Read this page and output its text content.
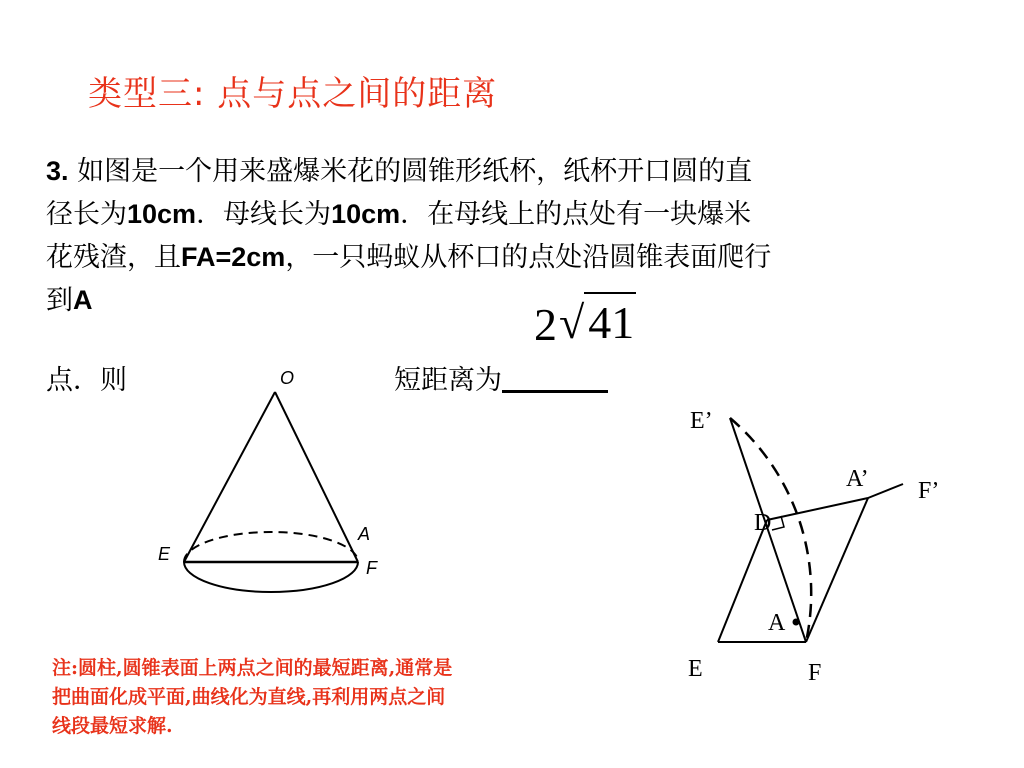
类型三: 点与点之间的距离
3. 如图是一个用来盛爆米花的圆锥形纸杯，纸杯开口圆的直
径长为10cm．母线长为10cm．在母线上的点处有一块爆米
花残渣，且FA=2cm，一只蚂蚁从杯口的点处沿圆锥表面爬行
到A
点．则	短距离为
2 √ 41
O
E
F
A
E’
F’
A’
D
A
E	F
注:圆柱,圆锥表面上两点之间的最短距离,通常是
把曲面化成平面,曲线化为直线,再利用两点之间
线段最短求解.
